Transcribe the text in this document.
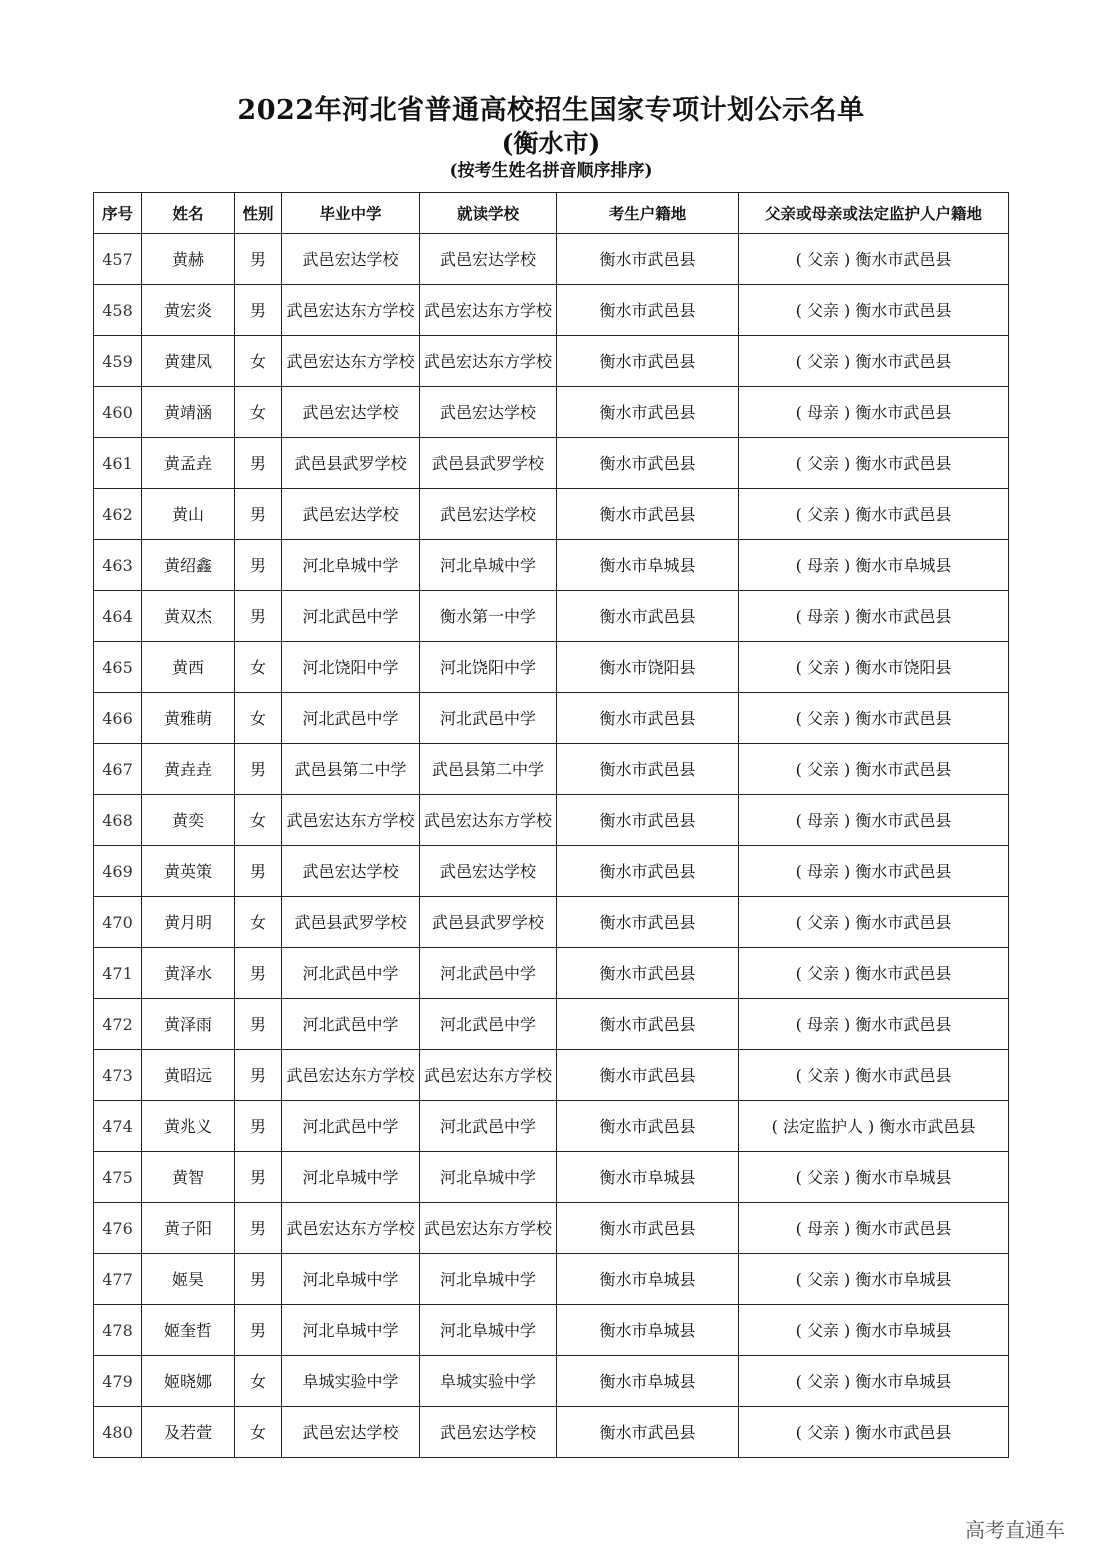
2022年河北省普通高校招生国家专项计划公示名单
(衡水市)
(按考生姓名拼音顺序排序)
序号	姓名	性别	毕业中学	就读学校	考生户籍地	父亲或母亲或法定监护人户籍地
457	黄赫	男	武邑宏达学校	武邑宏达学校	衡水市武邑县	( 父亲 ) 衡水市武邑县
458	黄宏炎	男	武邑宏达东方学校	武邑宏达东方学校	衡水市武邑县	( 父亲 ) 衡水市武邑县
459	黄建凤	女	武邑宏达东方学校	武邑宏达东方学校	衡水市武邑县	( 父亲 ) 衡水市武邑县
460	黄靖涵	女	武邑宏达学校	武邑宏达学校	衡水市武邑县	( 母亲 ) 衡水市武邑县
461	黄孟垚	男	武邑县武罗学校	武邑县武罗学校	衡水市武邑县	( 父亲 ) 衡水市武邑县
462	黄山	男	武邑宏达学校	武邑宏达学校	衡水市武邑县	( 父亲 ) 衡水市武邑县
463	黄绍鑫	男	河北阜城中学	河北阜城中学	衡水市阜城县	( 母亲 ) 衡水市阜城县
464	黄双杰	男	河北武邑中学	衡水第一中学	衡水市武邑县	( 母亲 ) 衡水市武邑县
465	黄西	女	河北饶阳中学	河北饶阳中学	衡水市饶阳县	( 父亲 ) 衡水市饶阳县
466	黄雅萌	女	河北武邑中学	河北武邑中学	衡水市武邑县	( 父亲 ) 衡水市武邑县
467	黄垚垚	男	武邑县第二中学	武邑县第二中学	衡水市武邑县	( 父亲 ) 衡水市武邑县
468	黄奕	女	武邑宏达东方学校	武邑宏达东方学校	衡水市武邑县	( 母亲 ) 衡水市武邑县
469	黄英策	男	武邑宏达学校	武邑宏达学校	衡水市武邑县	( 母亲 ) 衡水市武邑县
470	黄月明	女	武邑县武罗学校	武邑县武罗学校	衡水市武邑县	( 父亲 ) 衡水市武邑县
471	黄泽水	男	河北武邑中学	河北武邑中学	衡水市武邑县	( 父亲 ) 衡水市武邑县
472	黄泽雨	男	河北武邑中学	河北武邑中学	衡水市武邑县	( 母亲 ) 衡水市武邑县
473	黄昭远	男	武邑宏达东方学校	武邑宏达东方学校	衡水市武邑县	( 父亲 ) 衡水市武邑县
474	黄兆义	男	河北武邑中学	河北武邑中学	衡水市武邑县	( 法定监护人 ) 衡水市武邑县
475	黄智	男	河北阜城中学	河北阜城中学	衡水市阜城县	( 父亲 ) 衡水市阜城县
476	黄子阳	男	武邑宏达东方学校	武邑宏达东方学校	衡水市武邑县	( 母亲 ) 衡水市武邑县
477	姬昊	男	河北阜城中学	河北阜城中学	衡水市阜城县	( 父亲 ) 衡水市阜城县
478	姬奎哲	男	河北阜城中学	河北阜城中学	衡水市阜城县	( 父亲 ) 衡水市阜城县
479	姬晓娜	女	阜城实验中学	阜城实验中学	衡水市阜城县	( 父亲 ) 衡水市阜城县
480	及若萱	女	武邑宏达学校	武邑宏达学校	衡水市武邑县	( 父亲 ) 衡水市武邑县
高考直通车
